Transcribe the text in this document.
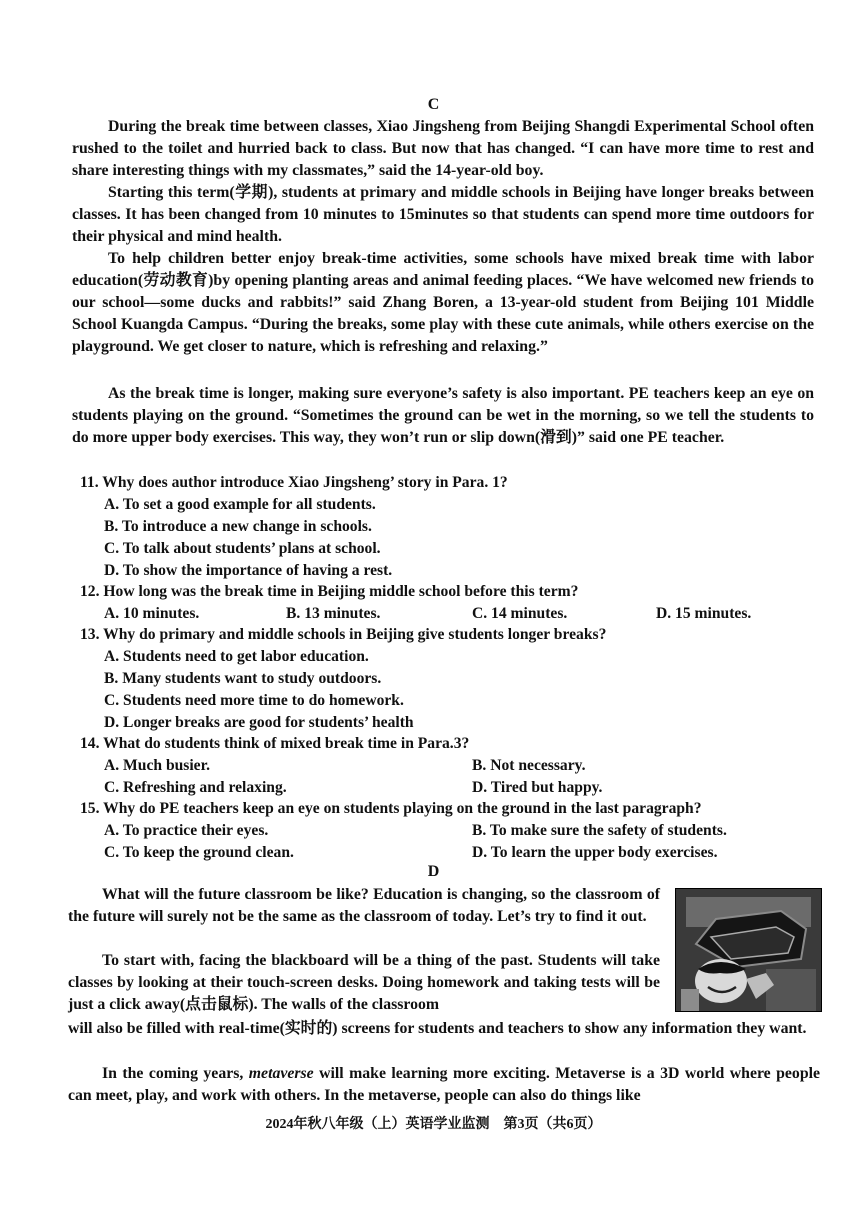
C
During the break time between classes, Xiao Jingsheng from Beijing Shangdi Experimental School often rushed to the toilet and hurried back to class. But now that has changed. “I can have more time to rest and share interesting things with my classmates,” said the 14-year-old boy.
Starting this term(学期), students at primary and middle schools in Beijing have longer breaks between classes. It has been changed from 10 minutes to 15minutes so that students can spend more time outdoors for their physical and mind health.
To help children better enjoy break-time activities, some schools have mixed break time with labor education(劳动教育)by opening planting areas and animal feeding places. “We have welcomed new friends to our school—some ducks and rabbits!” said Zhang Boren, a 13-year-old student from Beijing 101 Middle School Kuangda Campus. “During the breaks, some play with these cute animals, while others exercise on the playground. We get closer to nature, which is refreshing and relaxing.”
As the break time is longer, making sure everyone’s safety is also important. PE teachers keep an eye on students playing on the ground. “Sometimes the ground can be wet in the morning, so we tell the students to do more upper body exercises. This way, they won’t run or slip down(滑到)” said one PE teacher.
11. Why does author introduce Xiao Jingsheng’ story in Para. 1?
A. To set a good example for all students.
B. To introduce a new change in schools.
C. To talk about students’ plans at school.
D. To show the importance of having a rest.
12. How long was the break time in Beijing middle school before this term?
A. 10 minutes.	B. 13 minutes.	C. 14 minutes.	D. 15 minutes.
13. Why do primary and middle schools in Beijing give students longer breaks?
A. Students need to get labor education.
B. Many students want to study outdoors.
C. Students need more time to do homework.
D. Longer breaks are good for students’ health
14. What do students think of mixed break time in Para.3?
A. Much busier.	B. Not necessary.
C. Refreshing and relaxing.	D. Tired but happy.
15. Why do PE teachers keep an eye on students playing on the ground in the last paragraph?
A. To practice their eyes.	B. To make sure the safety of students.
C. To keep the ground clean.	D. To learn the upper body exercises.
D
What will the future classroom be like? Education is changing, so the classroom of the future will surely not be the same as the classroom of today. Let’s try to find it out.
To start with, facing the blackboard will be a thing of the past. Students will take classes by looking at their touch-screen desks. Doing homework and taking tests will be just a click away(点击鼠标). The walls of the classroom
will also be filled with real-time(实时的) screens for students and teachers to show any information they want.
In the coming years, metaverse will make learning more exciting. Metaverse is a 3D world where people can meet, play, and work with others. In the metaverse, people can also do things like
2024年秋八年级（上）英语学业监测　第3页（共6页）
